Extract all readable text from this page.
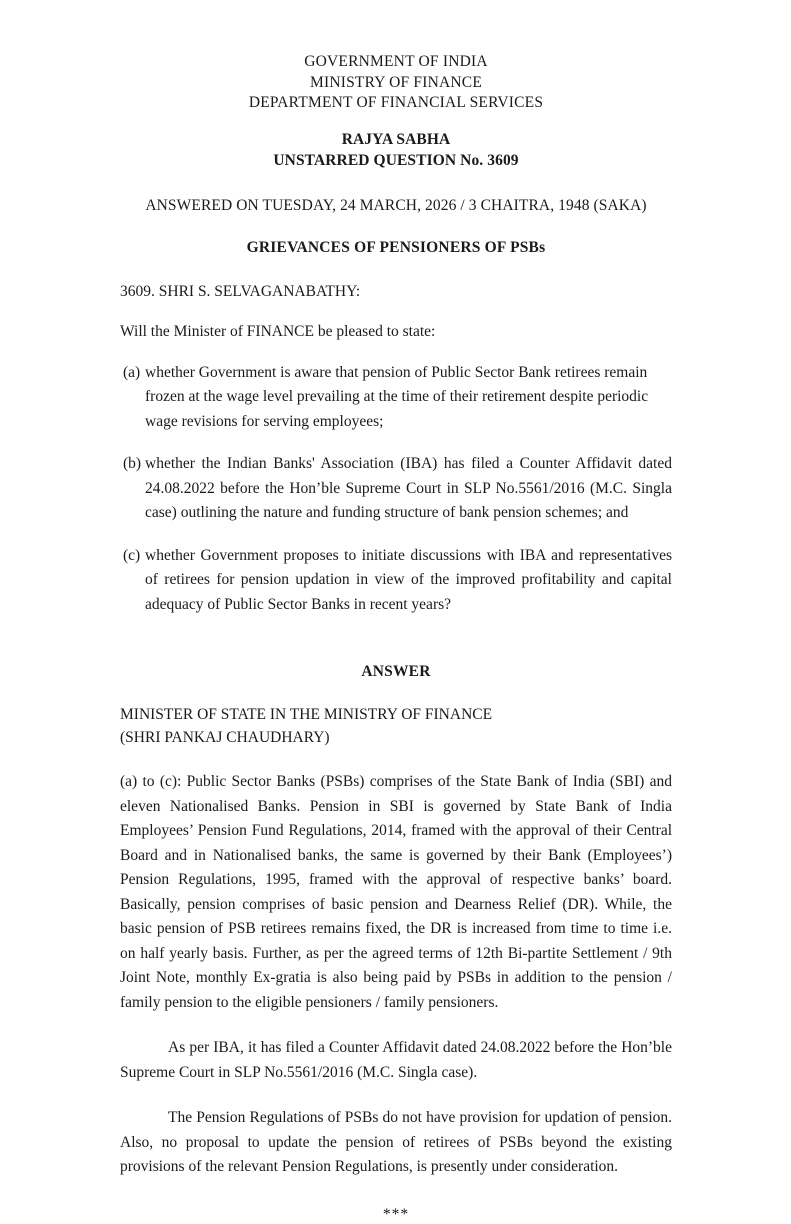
GOVERNMENT OF INDIA
MINISTRY OF FINANCE
DEPARTMENT OF FINANCIAL SERVICES
RAJYA SABHA
UNSTARRED QUESTION No. 3609
ANSWERED ON TUESDAY, 24 MARCH, 2026 / 3 CHAITRA, 1948 (SAKA)
GRIEVANCES OF PENSIONERS OF PSBs
3609. SHRI S. SELVAGANABATHY:
Will the Minister of FINANCE be pleased to state:
(a) whether Government is aware that pension of Public Sector Bank retirees remain frozen at the wage level prevailing at the time of their retirement despite periodic wage revisions for serving employees;
(b) whether the Indian Banks' Association (IBA) has filed a Counter Affidavit dated 24.08.2022 before the Hon’ble Supreme Court in SLP No.5561/2016 (M.C. Singla case) outlining the nature and funding structure of bank pension schemes; and
(c) whether Government proposes to initiate discussions with IBA and representatives of retirees for pension updation in view of the improved profitability and capital adequacy of Public Sector Banks in recent years?
ANSWER
MINISTER OF STATE IN THE MINISTRY OF FINANCE
(SHRI PANKAJ CHAUDHARY)
(a) to (c): Public Sector Banks (PSBs) comprises of the State Bank of India (SBI) and eleven Nationalised Banks. Pension in SBI is governed by State Bank of India Employees’ Pension Fund Regulations, 2014, framed with the approval of their Central Board and in Nationalised banks, the same is governed by their Bank (Employees’) Pension Regulations, 1995, framed with the approval of respective banks’ board. Basically, pension comprises of basic pension and Dearness Relief (DR). While, the basic pension of PSB retirees remains fixed, the DR is increased from time to time i.e. on half yearly basis. Further, as per the agreed terms of 12th Bi-partite Settlement / 9th Joint Note, monthly Ex-gratia is also being paid by PSBs in addition to the pension / family pension to the eligible pensioners / family pensioners.
As per IBA, it has filed a Counter Affidavit dated 24.08.2022 before the Hon’ble Supreme Court in SLP No.5561/2016 (M.C. Singla case).
The Pension Regulations of PSBs do not have provision for updation of pension. Also, no proposal to update the pension of retirees of PSBs beyond the existing provisions of the relevant Pension Regulations, is presently under consideration.
***
